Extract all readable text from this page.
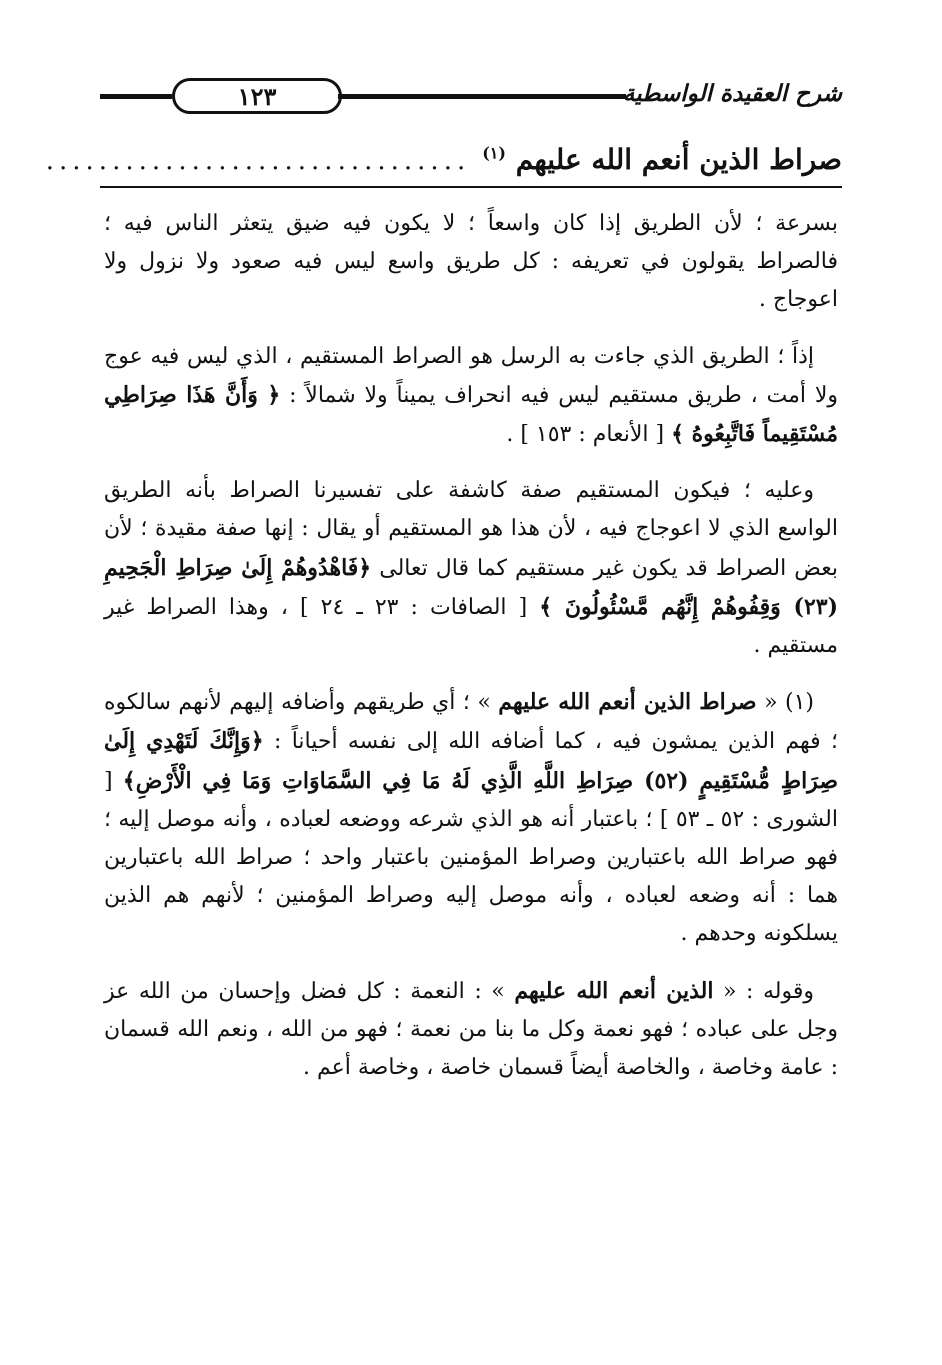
١٢٣	شرح العقيدة الواسطية
صراط الذين أنعم الله عليهم $^{(١)}$
................................

بسرعة ؛ لأن الطريق إذا كان واسعاً ؛ لا يكون فيه ضيق يتعثر الناس فيه ؛ فالصراط يقولون في تعريفه : كل طريق واسع ليس فيه صعود ولا نزول ولا اعوجاج .

إذاً ؛ الطريق الذي جاءت به الرسل هو الصراط المستقيم ، الذي ليس فيه عوج ولا أمت ، طريق مستقيم ليس فيه انحراف يميناً ولا شمالاً : ﴿ وَأَنَّ هَذَا صِرَاطِي مُسْتَقِيماً فَاتَّبِعُوهُ ﴾ [ الأنعام : ١٥٣ ] .

وعليه ؛ فيكون المستقيم صفة كاشفة على تفسيرنا الصراط بأنه الطريق الواسع الذي لا اعوجاج فيه ، لأن هذا هو المستقيم أو يقال : إنها صفة مقيدة ؛ لأن بعض الصراط قد يكون غير مستقيم كما قال تعالى ﴿فَاهْدُوهُمْ إِلَىٰ صِرَاطِ الْجَحِيمِ (٢٣) وَقِفُوهُمْ إِنَّهُم مَّسْئُولُونَ ﴾ [ الصافات : ٢٣ ـ ٢٤ ] ، وهذا الصراط غير مستقيم .

(١) « صراط الذين أنعم الله عليهم » ؛ أي طريقهم وأضافه إليهم لأنهم سالكوه ؛ فهم الذين يمشون فيه ، كما أضافه الله إلى نفسه أحياناً : ﴿وَإِنَّكَ لَتَهْدِي إِلَىٰ صِرَاطٍ مُّسْتَقِيمٍ (٥٢) صِرَاطِ اللَّهِ الَّذِي لَهُ مَا فِي السَّمَاوَاتِ وَمَا فِي الْأَرْضِ﴾ [ الشورى : ٥٢ ـ ٥٣ ] ؛ باعتبار أنه هو الذي شرعه ووضعه لعباده ، وأنه موصل إليه ؛ فهو صراط الله باعتبارين وصراط المؤمنين باعتبار واحد ؛ صراط الله باعتبارين هما : أنه وضعه لعباده ، وأنه موصل إليه وصراط المؤمنين ؛ لأنهم هم الذين يسلكونه وحدهم .

وقوله : « الذين أنعم الله عليهم » : النعمة : كل فضل وإحسان من الله عز وجل على عباده ؛ فهو نعمة وكل ما بنا من نعمة ؛ فهو من الله ، ونعم الله قسمان : عامة وخاصة ، والخاصة أيضاً قسمان خاصة ، وخاصة أعم .
